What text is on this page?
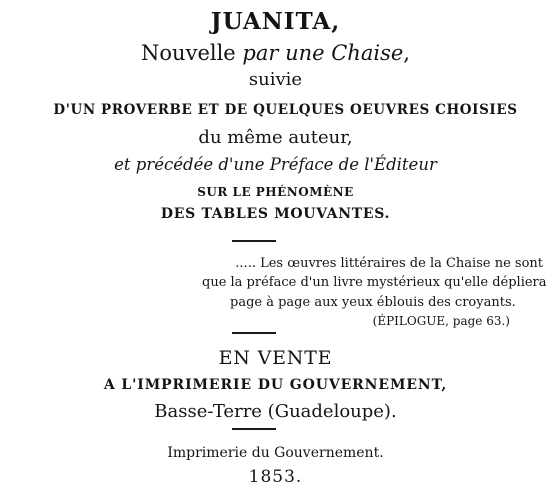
JUANITA,
Nouvelle par une Chaise,
suivie
D'UN PROVERBE ET DE QUELQUES OEUVRES CHOISIES
du même auteur,
et précédée d'une Préface de l'Éditeur
SUR LE PHÉNOMÈNE
DES TABLES MOUVANTES.
..... Les œuvres littéraires de la Chaise ne sont
que la préface d'un livre mystérieux qu'elle dépliera
page à page aux yeux éblouis des croyants.
(ÉPILOGUE, page 63.)
EN VENTE
A L'IMPRIMERIE DU GOUVERNEMENT,
Basse-Terre (Guadeloupe).
Imprimerie du Gouvernement.
1853.
